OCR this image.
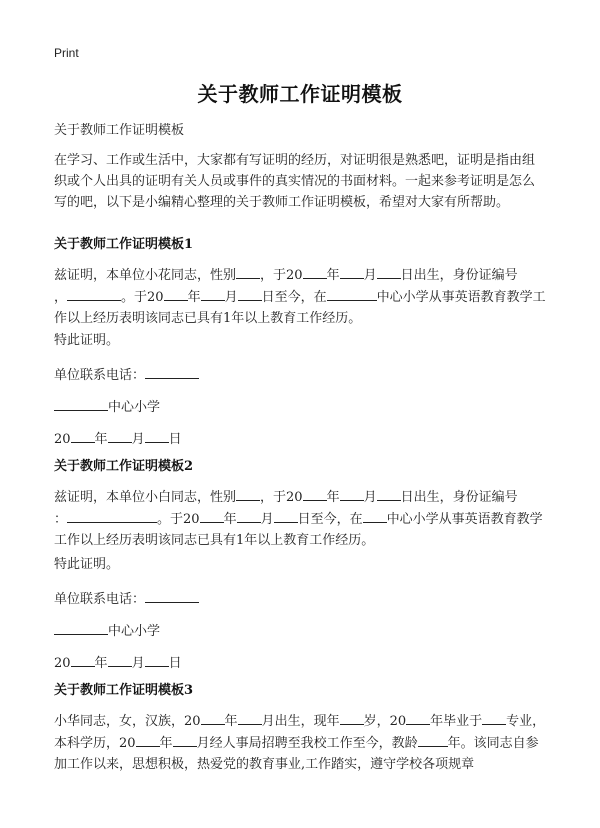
Print
关于教师工作证明模板
关于教师工作证明模板
在学习、工作或生活中，大家都有写证明的经历，对证明很是熟悉吧，证明是指由组织或个人出具的证明有关人员或事件的真实情况的书面材料。一起来参考证明是怎么写的吧，以下是小编精心整理的关于教师工作证明模板，希望对大家有所帮助。
关于教师工作证明模板1
兹证明，本单位小花同志，性别 ，于20 年 月 日出生，身份证编号
，	。于20 年 月 日至今，在	中心小学从事英语教育教学工作以上经历表明该同志已具有1年以上教育工作经历。
特此证明。
单位联系电话：
中心小学
20 年 月 日
关于教师工作证明模板2
兹证明，本单位小白同志，性别 ，于20 年 月 日出生，身份证编号
：	。于20 年 月 日至今，在 中心小学从事英语教育教学工作以上经历表明该同志已具有1年以上教育工作经历。
特此证明。
单位联系电话：
中心小学
20 年 月 日
关于教师工作证明模板3
小华同志，女，汉族，20 年 月出生，现年 岁，20 年毕业于 专业，本科学历，20 年 月经人事局招聘至我校工作至今，教龄 年。该同志自参加工作以来，思想积极，热爱党的教育事业,工作踏实，遵守学校各项规章
